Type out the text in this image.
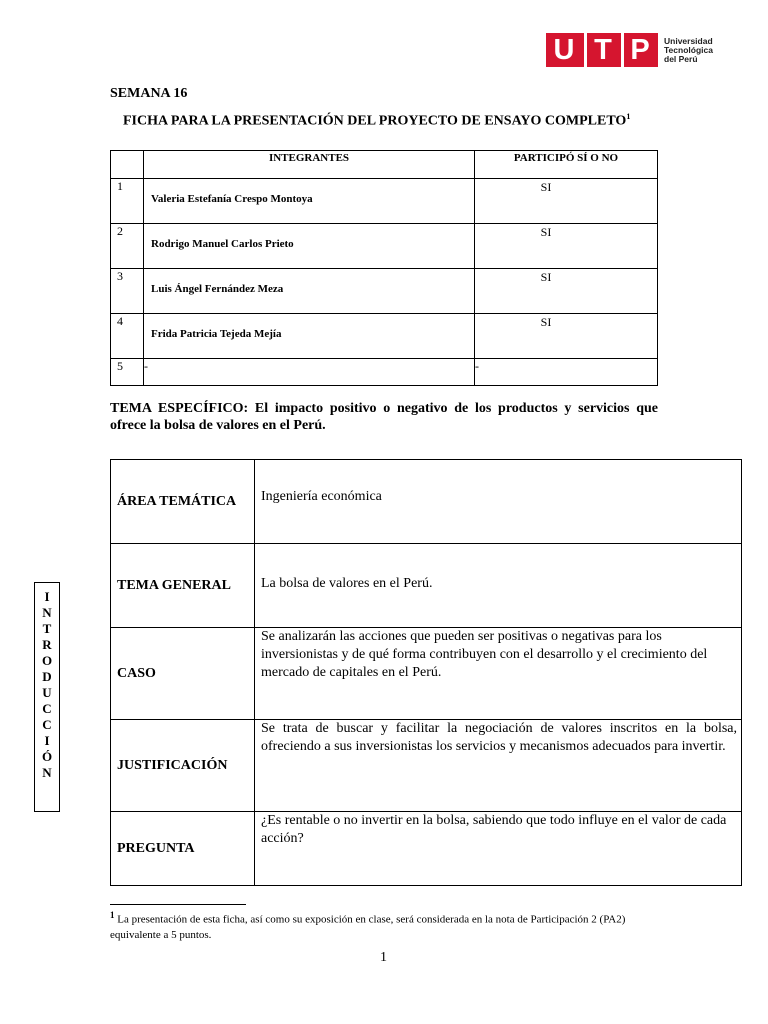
U T P	Universidad
Tecnológica
del Perú
SEMANA 16
FICHA PARA LA PRESENTACIÓN DEL PROYECTO DE ENSAYO COMPLETO$^1$
	INTEGRANTES	PARTICIPÓ SÍ O NO
1	Valeria Estefanía Crespo Montoya	SI

2	Rodrigo Manuel Carlos Prieto	SI

3	Luis Ángel Fernández Meza	SI

4	Frida Patricia Tejeda Mejía	SI

5	-	-
TEMA ESPECÍFICO: El impacto positivo o negativo de los productos y servicios que ofrece la bolsa de valores en el Perú.
ÁREA TEMÁTICA	Ingeniería económica
TEMA GENERAL	La bolsa de valores en el Perú.
CASO	Se analizarán las acciones que pueden ser positivas o negativas para los inversionistas y de qué forma contribuyen con el desarrollo y el crecimiento del mercado de capitales en el Perú.
JUSTIFICACIÓN	Se trata de buscar y facilitar la negociación de valores inscritos en la bolsa, ofreciendo a sus inversionistas los servicios y mecanismos adecuados para invertir.
PREGUNTA	¿Es rentable o no invertir en la bolsa, sabiendo que todo influye en el valor de cada acción?
I
N
T
R
O
D
U
C
C
I
Ó
N
$^1$ La presentación de esta ficha, así como su exposición en clase, será considerada en la nota de Participación 2 (PA2) equivalente a 5 puntos.
1
